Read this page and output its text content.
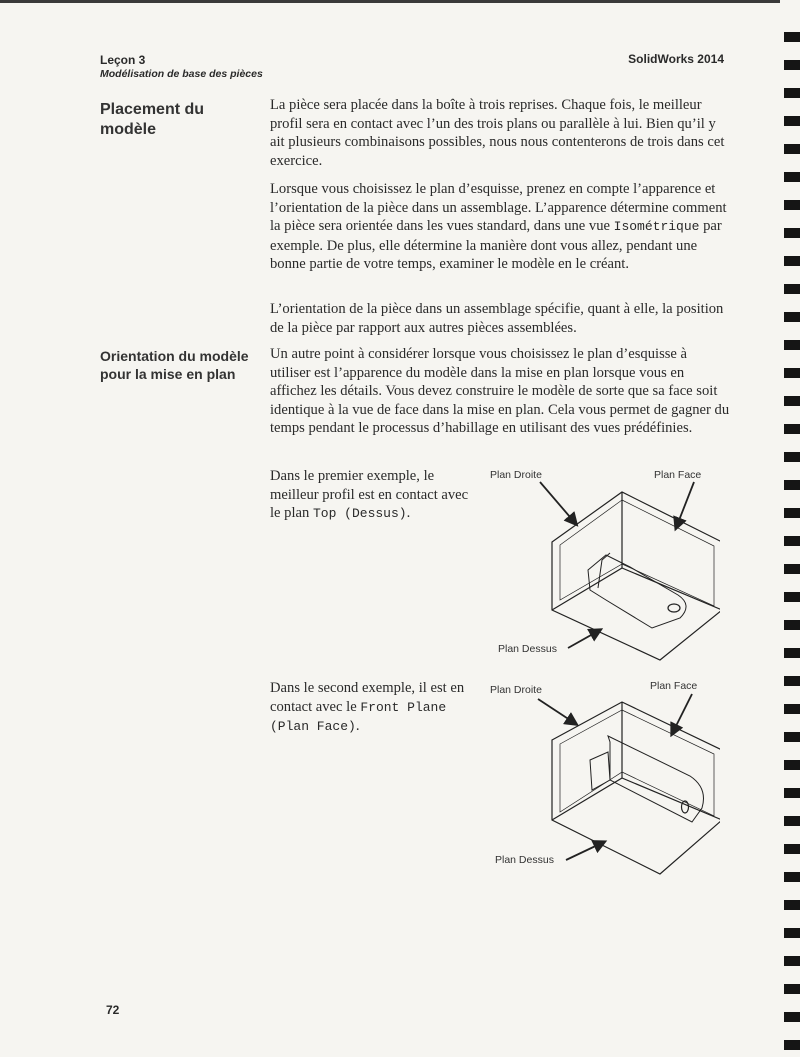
Leçon 3
Modélisation de base des pièces
SolidWorks 2014
Placement du modèle
Orientation du modèle pour la mise en plan

La pièce sera placée dans la boîte à trois reprises. Chaque fois, le meilleur profil sera en contact avec l’un des trois plans ou parallèle à lui. Bien qu’il y ait plusieurs combinaisons possibles, nous nous contenterons de trois dans cet exercice.

Lorsque vous choisissez le plan d’esquisse, prenez en compte l’apparence et l’orientation de la pièce dans un assemblage. L’apparence détermine comment la pièce sera orientée dans les vues standard, dans une vue Isométrique par exemple. De plus, elle détermine la manière dont vous allez, pendant une bonne partie de votre temps, examiner le modèle en le créant.

L’orientation de la pièce dans un assemblage spécifie, quant à elle, la position de la pièce par rapport aux autres pièces assemblées.

Un autre point à considérer lorsque vous choisissez le plan d’esquisse à utiliser est l’apparence du modèle dans la mise en plan lorsque vous en affichez les détails. Vous devez construire le modèle de sorte que sa face soit identique à la vue de face dans la mise en plan. Cela vous permet de gagner du temps pendant le processus d’habillage en utilisant des vues prédéfinies.

Dans le premier exemple, le meilleur profil est en contact avec le plan Top (Dessus).

Plan Droite	Plan Face
Plan Dessus

Dans le second exemple, il est en contact avec le Front Plane (Plan Face).

Plan Droite	Plan Face
Plan Dessus
72
